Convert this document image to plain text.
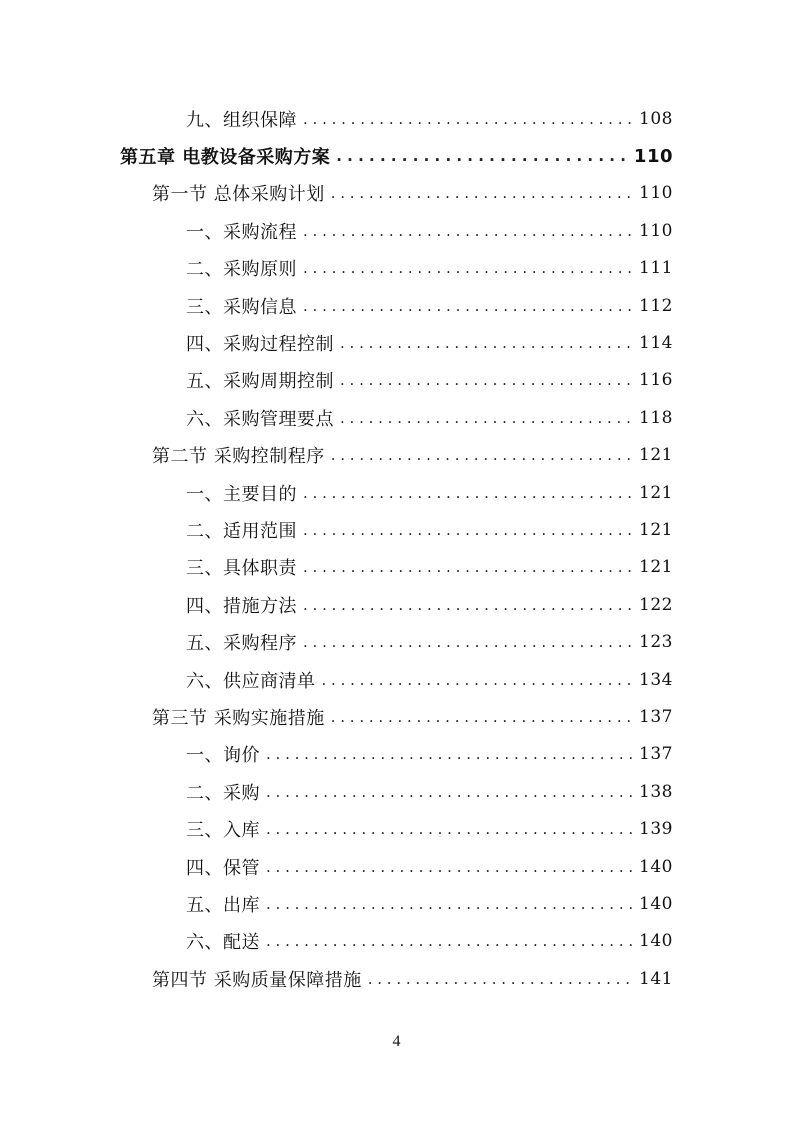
九、组织保障 . . .	108
第五章 电教设备采购方案 . . .	110
第一节 总体采购计划 . . .	110
一、采购流程 . . .	110
二、采购原则 . . .	111
三、采购信息 . . .	112
四、采购过程控制 . . .	114
五、采购周期控制 . . .	116
六、采购管理要点 . . .	118
第二节 采购控制程序 . . .	121
一、主要目的 . . .	121
二、适用范围 . . .	121
三、具体职责 . . .	121
四、措施方法 . . .	122
五、采购程序 . . .	123
六、供应商清单 . . .	134
第三节 采购实施措施 . . .	137
一、询价 . . .	137
二、采购 . . .	138
三、入库 . . .	139
四、保管 . . .	140
五、出库 . . .	140
六、配送 . . .	140
第四节 采购质量保障措施 . . .	141
4
